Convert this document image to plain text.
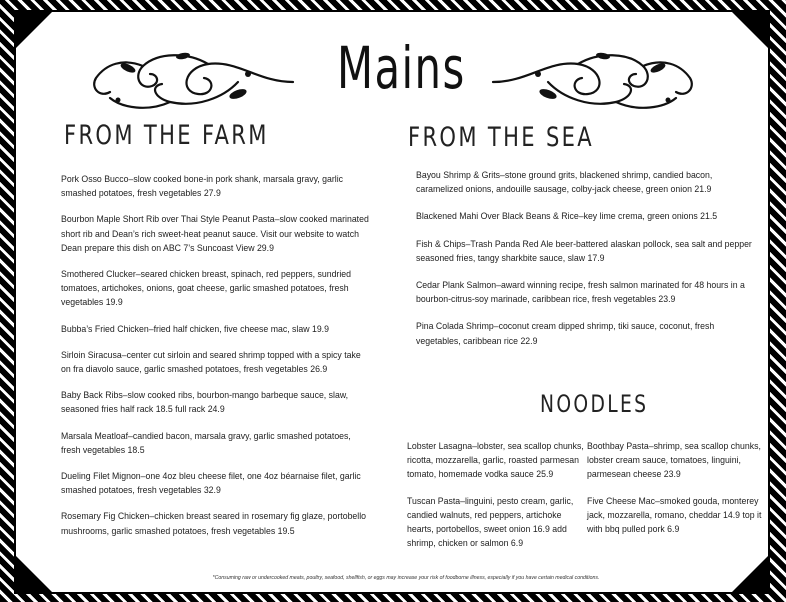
Mains
FROM THE FARM	FROM THE SEA
NOODLES
Pork Osso Bucco–slow cooked bone-in pork shank, marsala gravy, garlic smashed potatoes, fresh vegetables 27.9
Bourbon Maple Short Rib over Thai Style Peanut Pasta–slow cooked marinated short rib and Dean’s rich sweet-heat peanut sauce. Visit our website to watch Dean prepare this dish on ABC 7’s Suncoast View 29.9
Smothered Clucker–seared chicken breast, spinach, red peppers, sundried tomatoes, artichokes, onions, goat cheese, garlic smashed potatoes, fresh vegetables 19.9
Bubba’s Fried Chicken–fried half chicken, five cheese mac, slaw 19.9
Sirloin Siracusa–center cut sirloin and seared shrimp topped with a spicy take on fra diavolo sauce, garlic smashed potatoes, fresh vegetables 26.9
Baby Back Ribs–slow cooked ribs, bourbon-mango barbeque sauce, slaw, seasoned fries half rack 18.5 full rack 24.9
Marsala Meatloaf–candied bacon, marsala gravy, garlic smashed potatoes, fresh vegetables 18.5
Dueling Filet Mignon–one 4oz bleu cheese filet, one 4oz béarnaise filet, garlic smashed potatoes, fresh vegetables 32.9
Rosemary Fig Chicken–chicken breast seared in rosemary fig glaze, portobello mushrooms, garlic smashed potatoes, fresh vegetables 19.5
Bayou Shrimp & Grits–stone ground grits, blackened shrimp, candied bacon, caramelized onions, andouille sausage, colby-jack cheese, green onion 21.9
Blackened Mahi Over Black Beans & Rice–key lime crema, green onions 21.5
Fish & Chips–Trash Panda Red Ale beer-battered alaskan pollock, sea salt and pepper seasoned fries, tangy sharkbite sauce, slaw 17.9
Cedar Plank Salmon–award winning recipe, fresh salmon marinated for 48 hours in a bourbon-citrus-soy marinade, caribbean rice, fresh vegetables 23.9
Pina Colada Shrimp–coconut cream dipped shrimp, tiki sauce, coconut, fresh vegetables, caribbean rice 22.9
Lobster Lasagna–lobster, sea scallop chunks, ricotta, mozzarella, garlic, roasted parmesan tomato, homemade vodka sauce 25.9
Tuscan Pasta–linguini, pesto cream, garlic, candied walnuts, red peppers, artichoke hearts, portobellos, sweet onion 16.9 add shrimp, chicken or salmon 6.9
Boothbay Pasta–shrimp, sea scallop chunks, lobster cream sauce, tomatoes, linguini, parmesean cheese 23.9
Five Cheese Mac–smoked gouda, monterey jack, mozzarella, romano, cheddar 14.9 top it with bbq pulled pork 6.9
*Consuming raw or undercooked meats, poultry, seafood, shellfish, or eggs may increase your risk of foodborne illness, especially if you have certain medical conditions.
